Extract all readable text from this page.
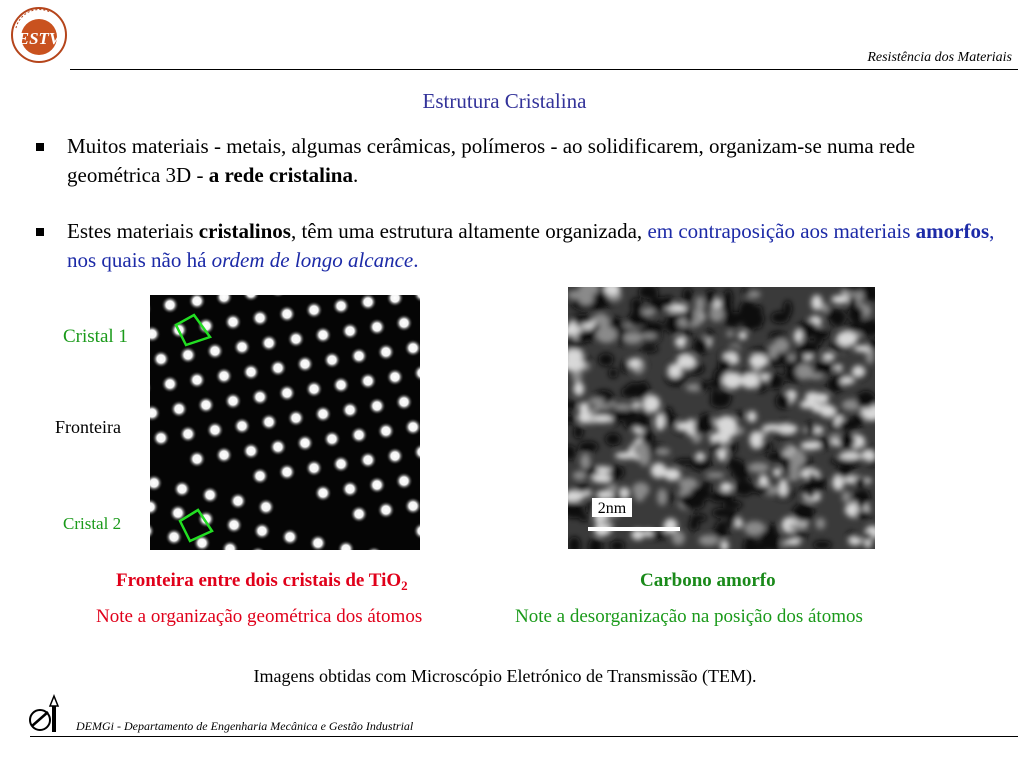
ESTV
Resistência dos Materiais
Estrutura Cristalina
Muitos materiais - metais, algumas cerâmicas, polímeros - ao solidificarem, organizam-se numa rede geométrica 3D - a rede cristalina.
Estes materiais cristalinos, têm uma estrutura altamente organizada, em contraposição aos materiais amorfos, nos quais não há ordem de longo alcance.
2nm
Cristal 1
Fronteira
Cristal 2
Fronteira entre dois cristais de TiO$_2$	Carbono amorfo
Note a organização geométrica dos átomos	Note a desorganização na posição dos átomos
Imagens obtidas com Microscópio Eletrónico de Transmissão (TEM).
DEMGi - Departamento de Engenharia Mecânica e Gestão Industrial
